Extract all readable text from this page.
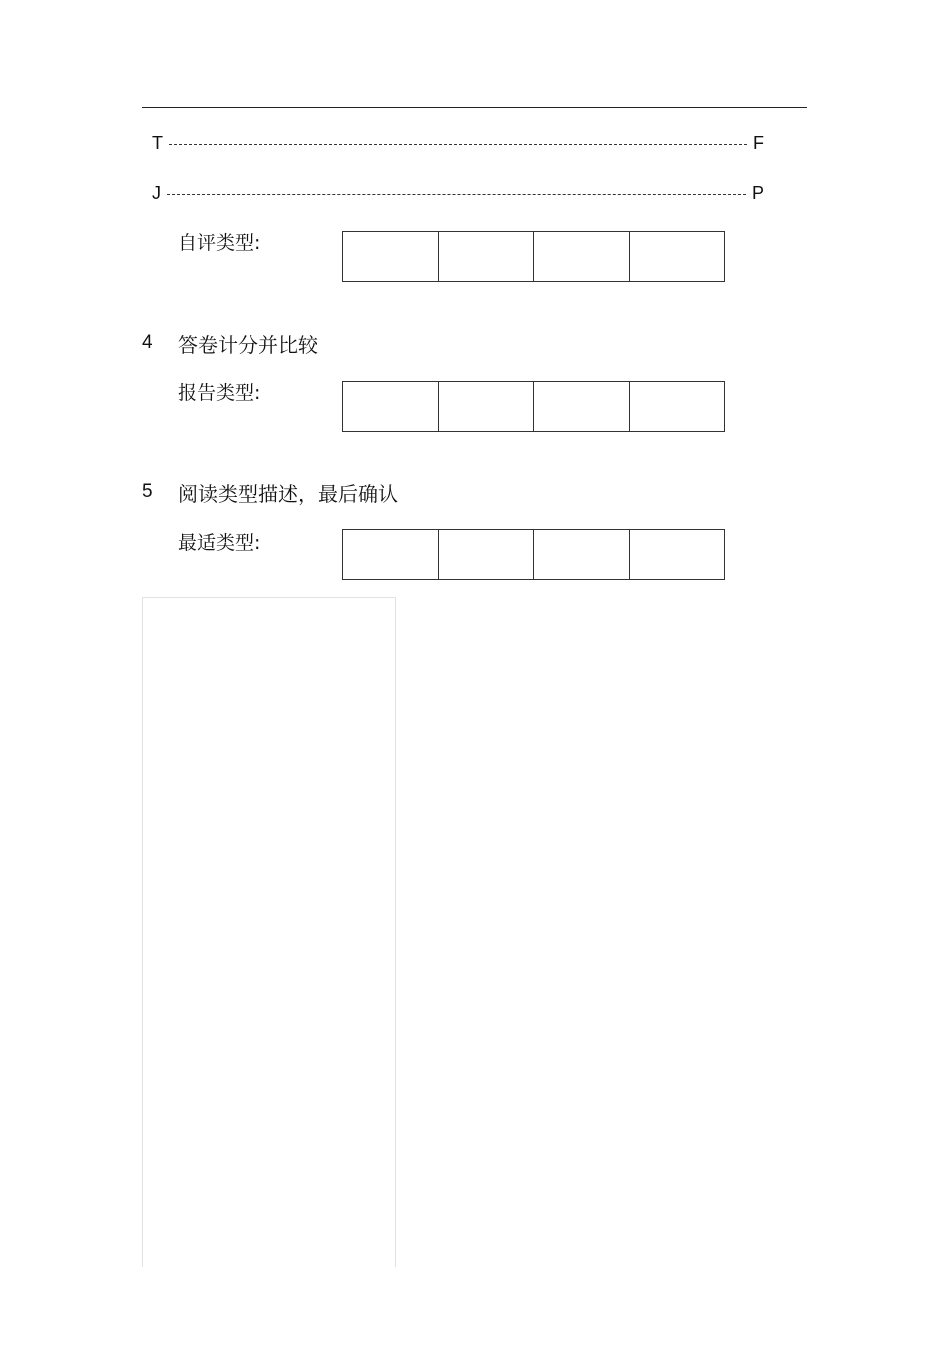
T	F
J	P
自评类型:
4	答卷计分并比较
报告类型:
5	阅读类型描述，最后确认
最适类型:
